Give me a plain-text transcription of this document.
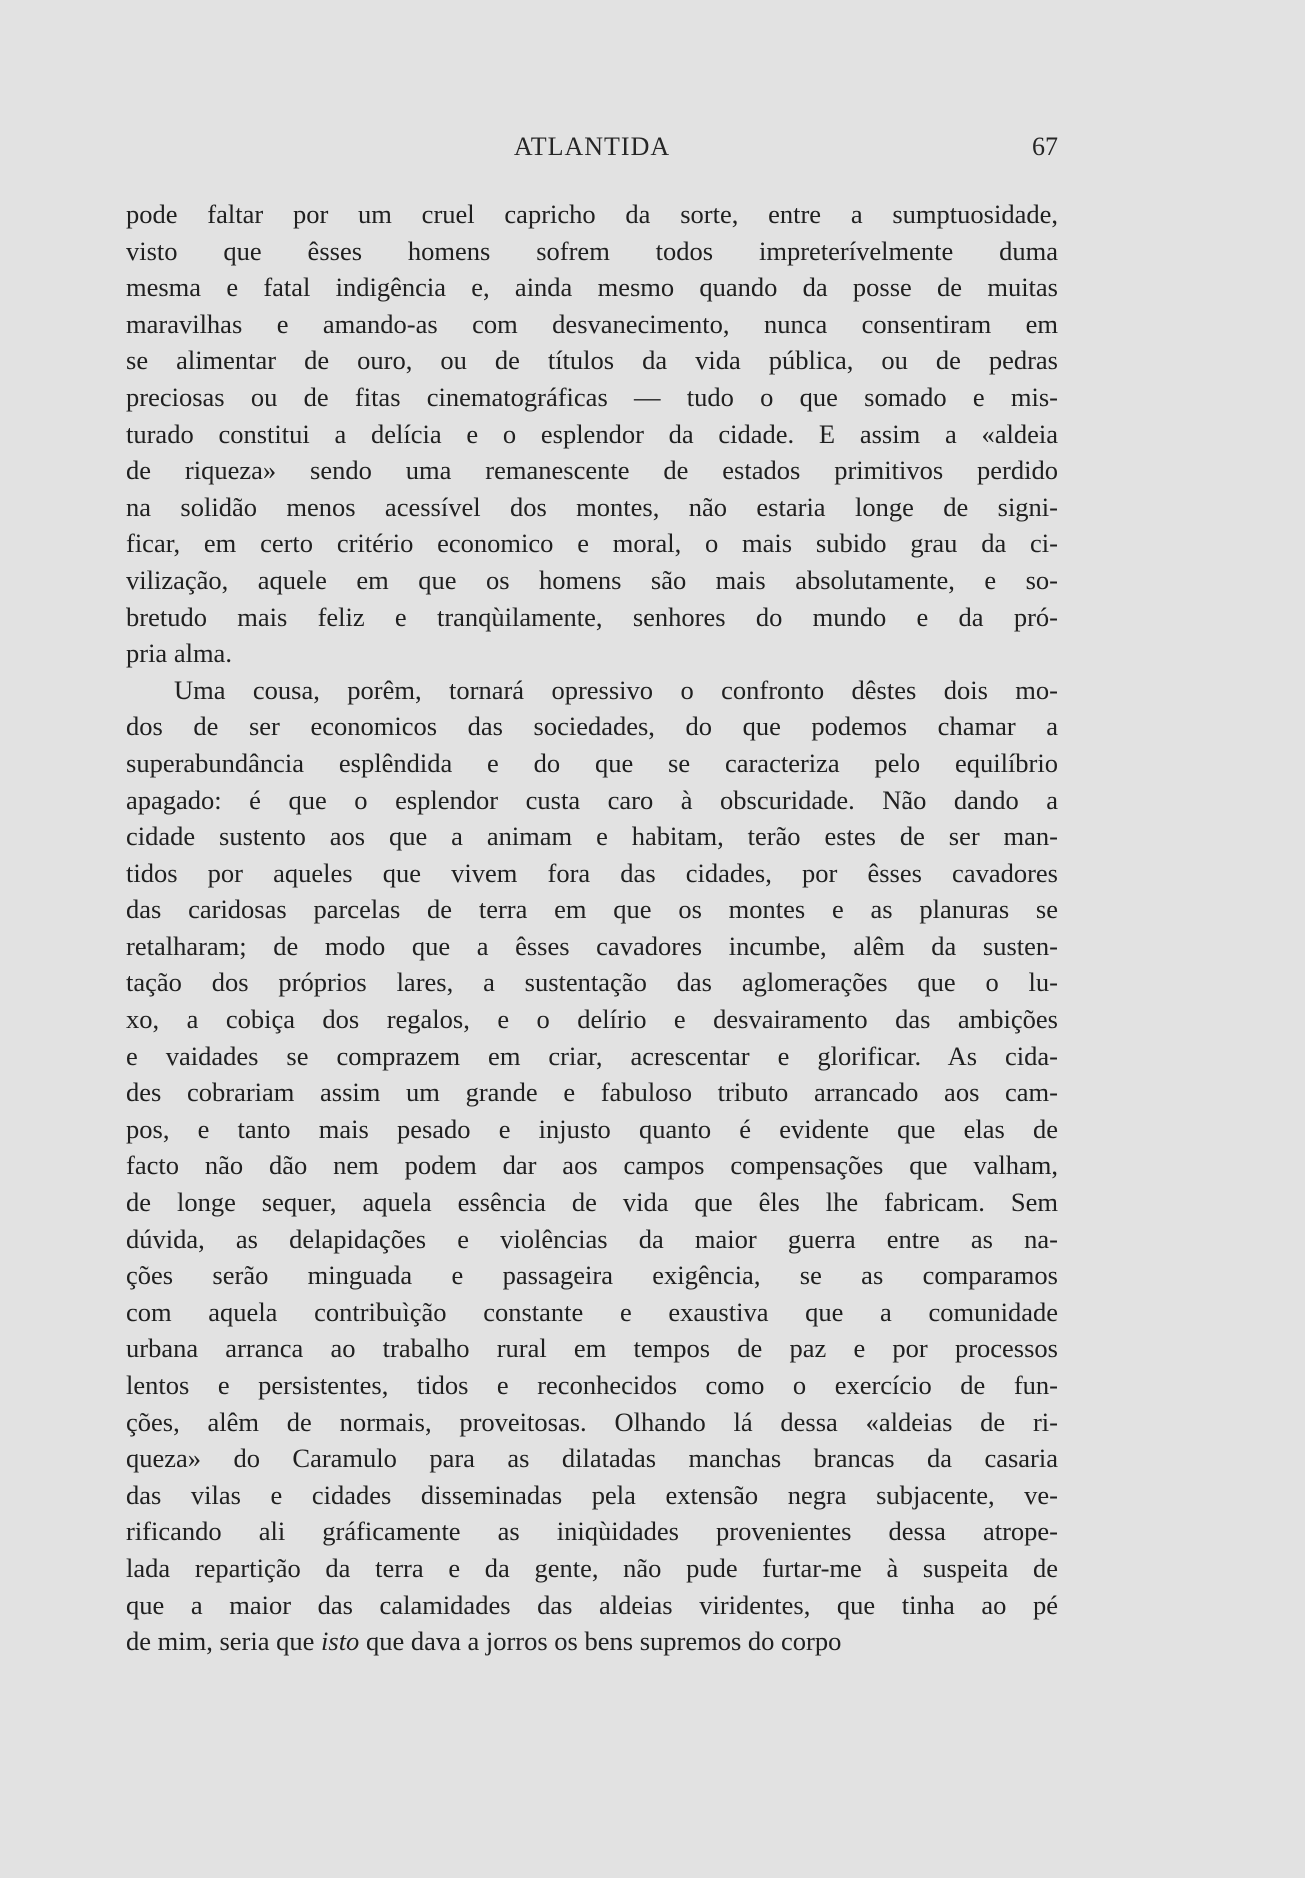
ATLANTIDA	67
pode faltar por um cruel capricho da sorte, entre a sumptuosidade,
visto que êsses homens sofrem todos impreterívelmente duma
mesma e fatal indigência e, ainda mesmo quando da posse de muitas
maravilhas e amando-as com desvanecimento, nunca consentiram em
se alimentar de ouro, ou de títulos da vida pública, ou de pedras
preciosas ou de fitas cinematográficas — tudo o que somado e mis-
turado constitui a delícia e o esplendor da cidade. E assim a «aldeia
de riqueza» sendo uma remanescente de estados primitivos perdido
na solidão menos acessível dos montes, não estaria longe de signi-
ficar, em certo critério economico e moral, o mais subido grau da ci-
vilização, aquele em que os homens são mais absolutamente, e so-
bretudo mais feliz e tranqùilamente, senhores do mundo e da pró-
pria alma.
Uma cousa, porêm, tornará opressivo o confronto dêstes dois mo-
dos de ser economicos das sociedades, do que podemos chamar a
superabundância esplêndida e do que se caracteriza pelo equilíbrio
apagado: é que o esplendor custa caro à obscuridade. Não dando a
cidade sustento aos que a animam e habitam, terão estes de ser man-
tidos por aqueles que vivem fora das cidades, por êsses cavadores
das caridosas parcelas de terra em que os montes e as planuras se
retalharam; de modo que a êsses cavadores incumbe, alêm da susten-
tação dos próprios lares, a sustentação das aglomerações que o lu-
xo, a cobiça dos regalos, e o delírio e desvairamento das ambições
e vaidades se comprazem em criar, acrescentar e glorificar. As cida-
des cobrariam assim um grande e fabuloso tributo arrancado aos cam-
pos, e tanto mais pesado e injusto quanto é evidente que elas de
facto não dão nem podem dar aos campos compensações que valham,
de longe sequer, aquela essência de vida que êles lhe fabricam. Sem
dúvida, as delapidações e violências da maior guerra entre as na-
ções serão minguada e passageira exigência, se as comparamos
com aquela contribuìção constante e exaustiva que a comunidade
urbana arranca ao trabalho rural em tempos de paz e por processos
lentos e persistentes, tidos e reconhecidos como o exercício de fun-
ções, alêm de normais, proveitosas. Olhando lá dessa «aldeias de ri-
queza» do Caramulo para as dilatadas manchas brancas da casaria
das vilas e cidades disseminadas pela extensão negra subjacente, ve-
rificando ali gráficamente as iniqùidades provenientes dessa atrope-
lada repartição da terra e da gente, não pude furtar-me à suspeita de
que a maior das calamidades das aldeias viridentes, que tinha ao pé
de mim, seria que isto que dava a jorros os bens supremos do corpo
